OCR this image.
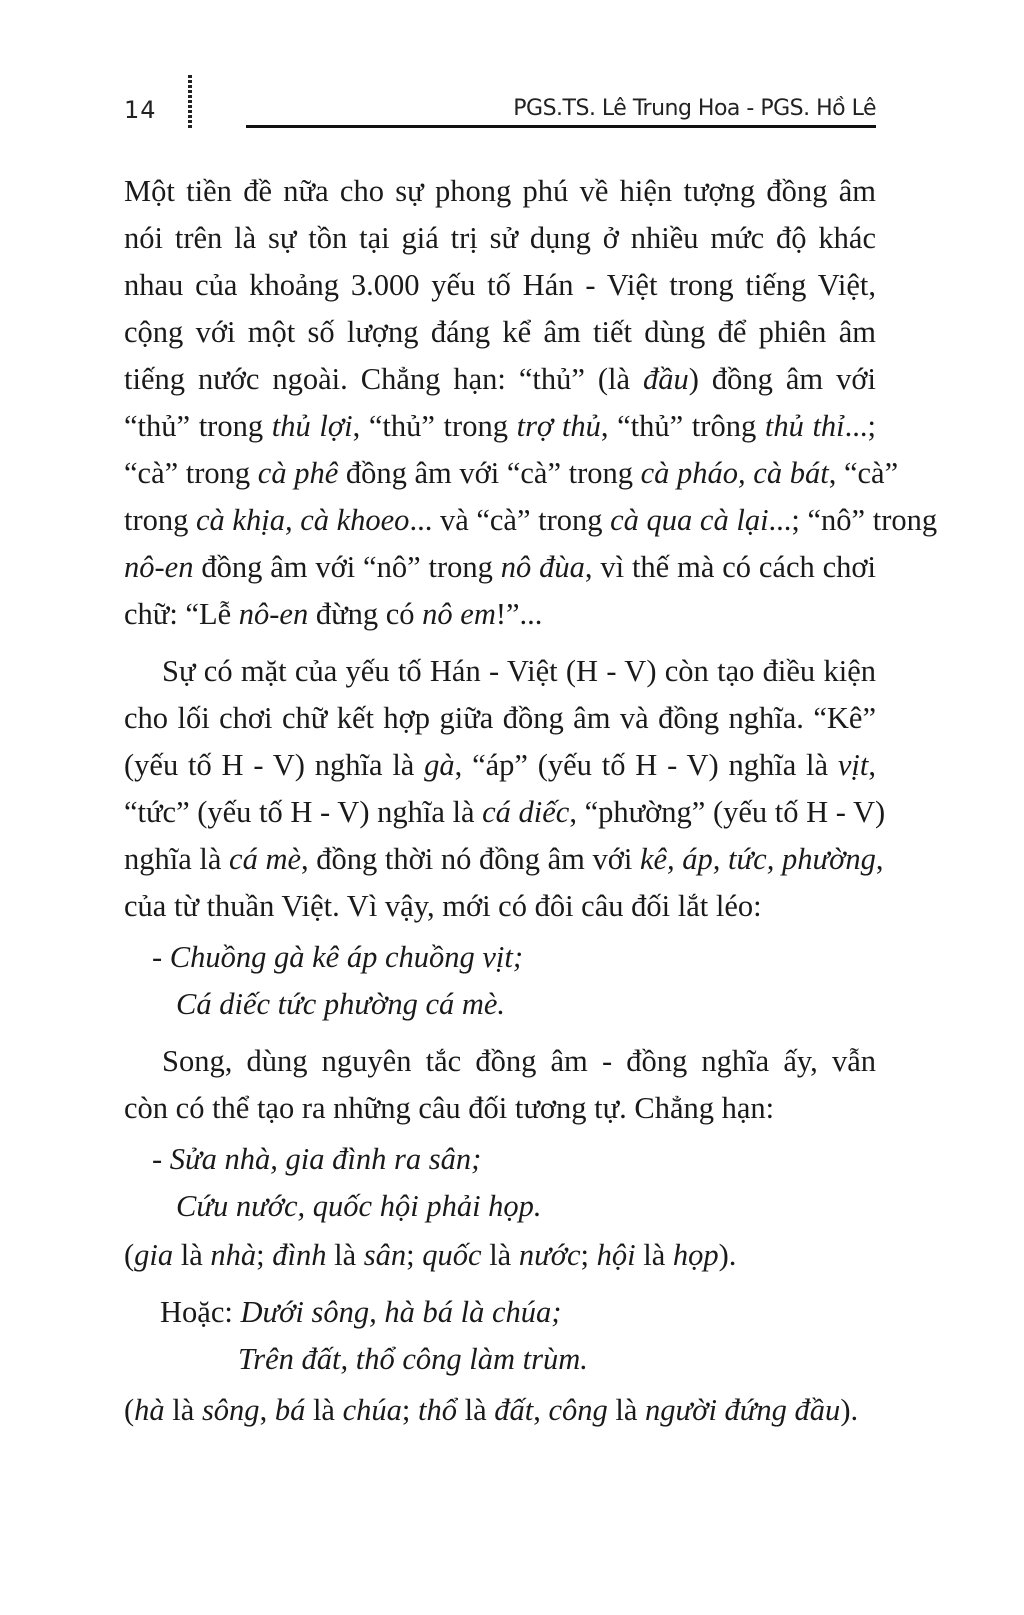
14	PGS.TS. Lê Trung Hoa - PGS. Hồ Lê
Một tiền đề nữa cho sự phong phú về hiện tượng đồng âm
nói trên là sự tồn tại giá trị sử dụng ở nhiều mức độ khác
nhau của khoảng 3.000 yếu tố Hán - Việt trong tiếng Việt,
cộng với một số lượng đáng kể âm tiết dùng để phiên âm
tiếng nước ngoài. Chẳng hạn: “thủ” (là đầu) đồng âm với
“thủ” trong thủ lợi, “thủ” trong trợ thủ, “thủ” trông thủ thỉ...;
“cà” trong cà phê đồng âm với “cà” trong cà pháo, cà bát, “cà”
trong cà khịa, cà khoeo... và “cà” trong cà qua cà lại...; “nô” trong
nô-en đồng âm với “nô” trong nô đùa, vì thế mà có cách chơi
chữ: “Lễ nô-en đừng có nô em!”...
Sự có mặt của yếu tố Hán - Việt (H - V) còn tạo điều kiện
cho lối chơi chữ kết hợp giữa đồng âm và đồng nghĩa. “Kê”
(yếu tố H - V) nghĩa là gà, “áp” (yếu tố H - V) nghĩa là vịt,
“tức” (yếu tố H - V) nghĩa là cá diếc, “phường” (yếu tố H - V)
nghĩa là cá mè, đồng thời nó đồng âm với kê, áp, tức, phường,
của từ thuần Việt. Vì vậy, mới có đôi câu đối lắt léo:
- Chuồng gà kê áp chuồng vịt;
Cá diếc tức phường cá mè.
Song, dùng nguyên tắc đồng âm - đồng nghĩa ấy, vẫn
còn có thể tạo ra những câu đối tương tự. Chẳng hạn:
- Sửa nhà, gia đình ra sân;
Cứu nước, quốc hội phải họp.
(gia là nhà; đình là sân; quốc là nước; hội là họp).
Hoặc: Dưới sông, hà bá là chúa;
Trên đất, thổ công làm trùm.
(hà là sông, bá là chúa; thổ là đất, công là người đứng đầu).
